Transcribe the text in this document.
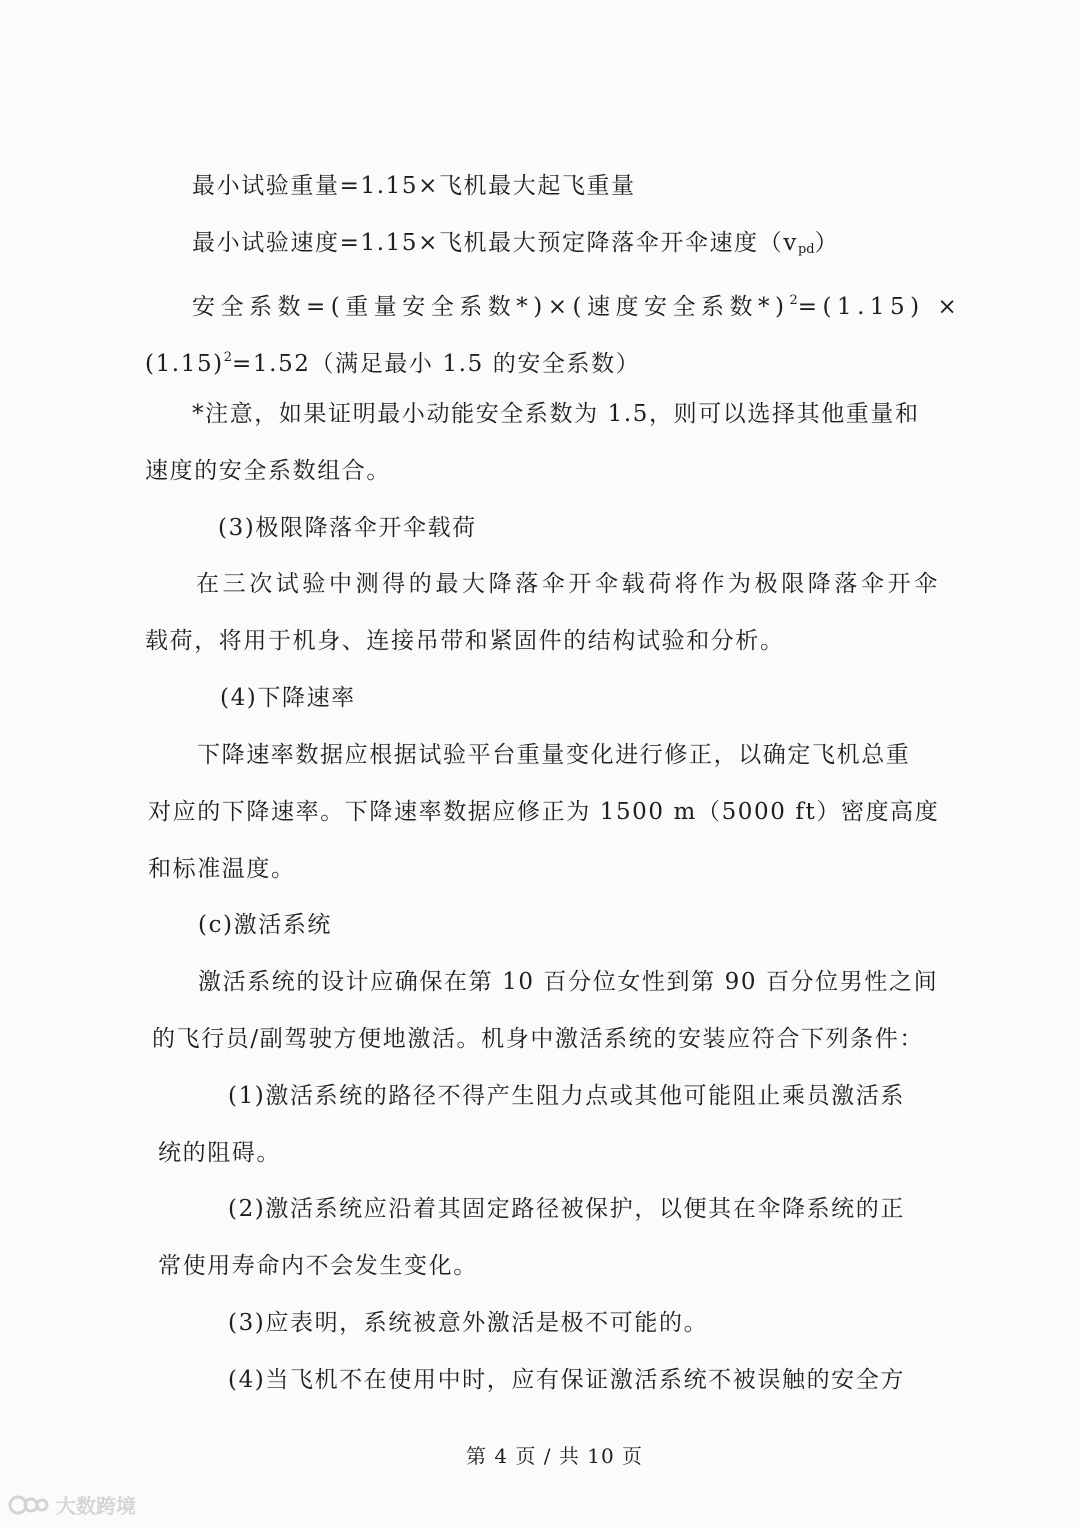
最小试验重量=1.15×飞机最大起飞重量
最小试验速度=1.15×飞机最大预定降落伞开伞速度$(v_{pd})$
安全系数=(重量安全系数*)×(速度安全系数*)$^2$=(1.15) ×
$(1.15)^2=1.52$（满足最小 1.5 的安全系数）
*注意，如果证明最小动能安全系数为 1.5，则可以选择其他重量和
速度的安全系数组合。
(3)极限降落伞开伞载荷
在三次试验中测得的最大降落伞开伞载荷将作为极限降落伞开伞
载荷，将用于机身、连接吊带和紧固件的结构试验和分析。
(4)下降速率
下降速率数据应根据试验平台重量变化进行修正，以确定飞机总重
对应的下降速率。下降速率数据应修正为 1500 m（5000 ft）密度高度
和标准温度。
(c)激活系统
激活系统的设计应确保在第 10 百分位女性到第 90 百分位男性之间
的飞行员/副驾驶方便地激活。机身中激活系统的安装应符合下列条件：
(1)激活系统的路径不得产生阻力点或其他可能阻止乘员激活系
统的阻碍。
(2)激活系统应沿着其固定路径被保护，以便其在伞降系统的正
常使用寿命内不会发生变化。
(3)应表明，系统被意外激活是极不可能的。
(4)当飞机不在使用中时，应有保证激活系统不被误触的安全方
第 4 页 / 共 10 页
大数跨境
